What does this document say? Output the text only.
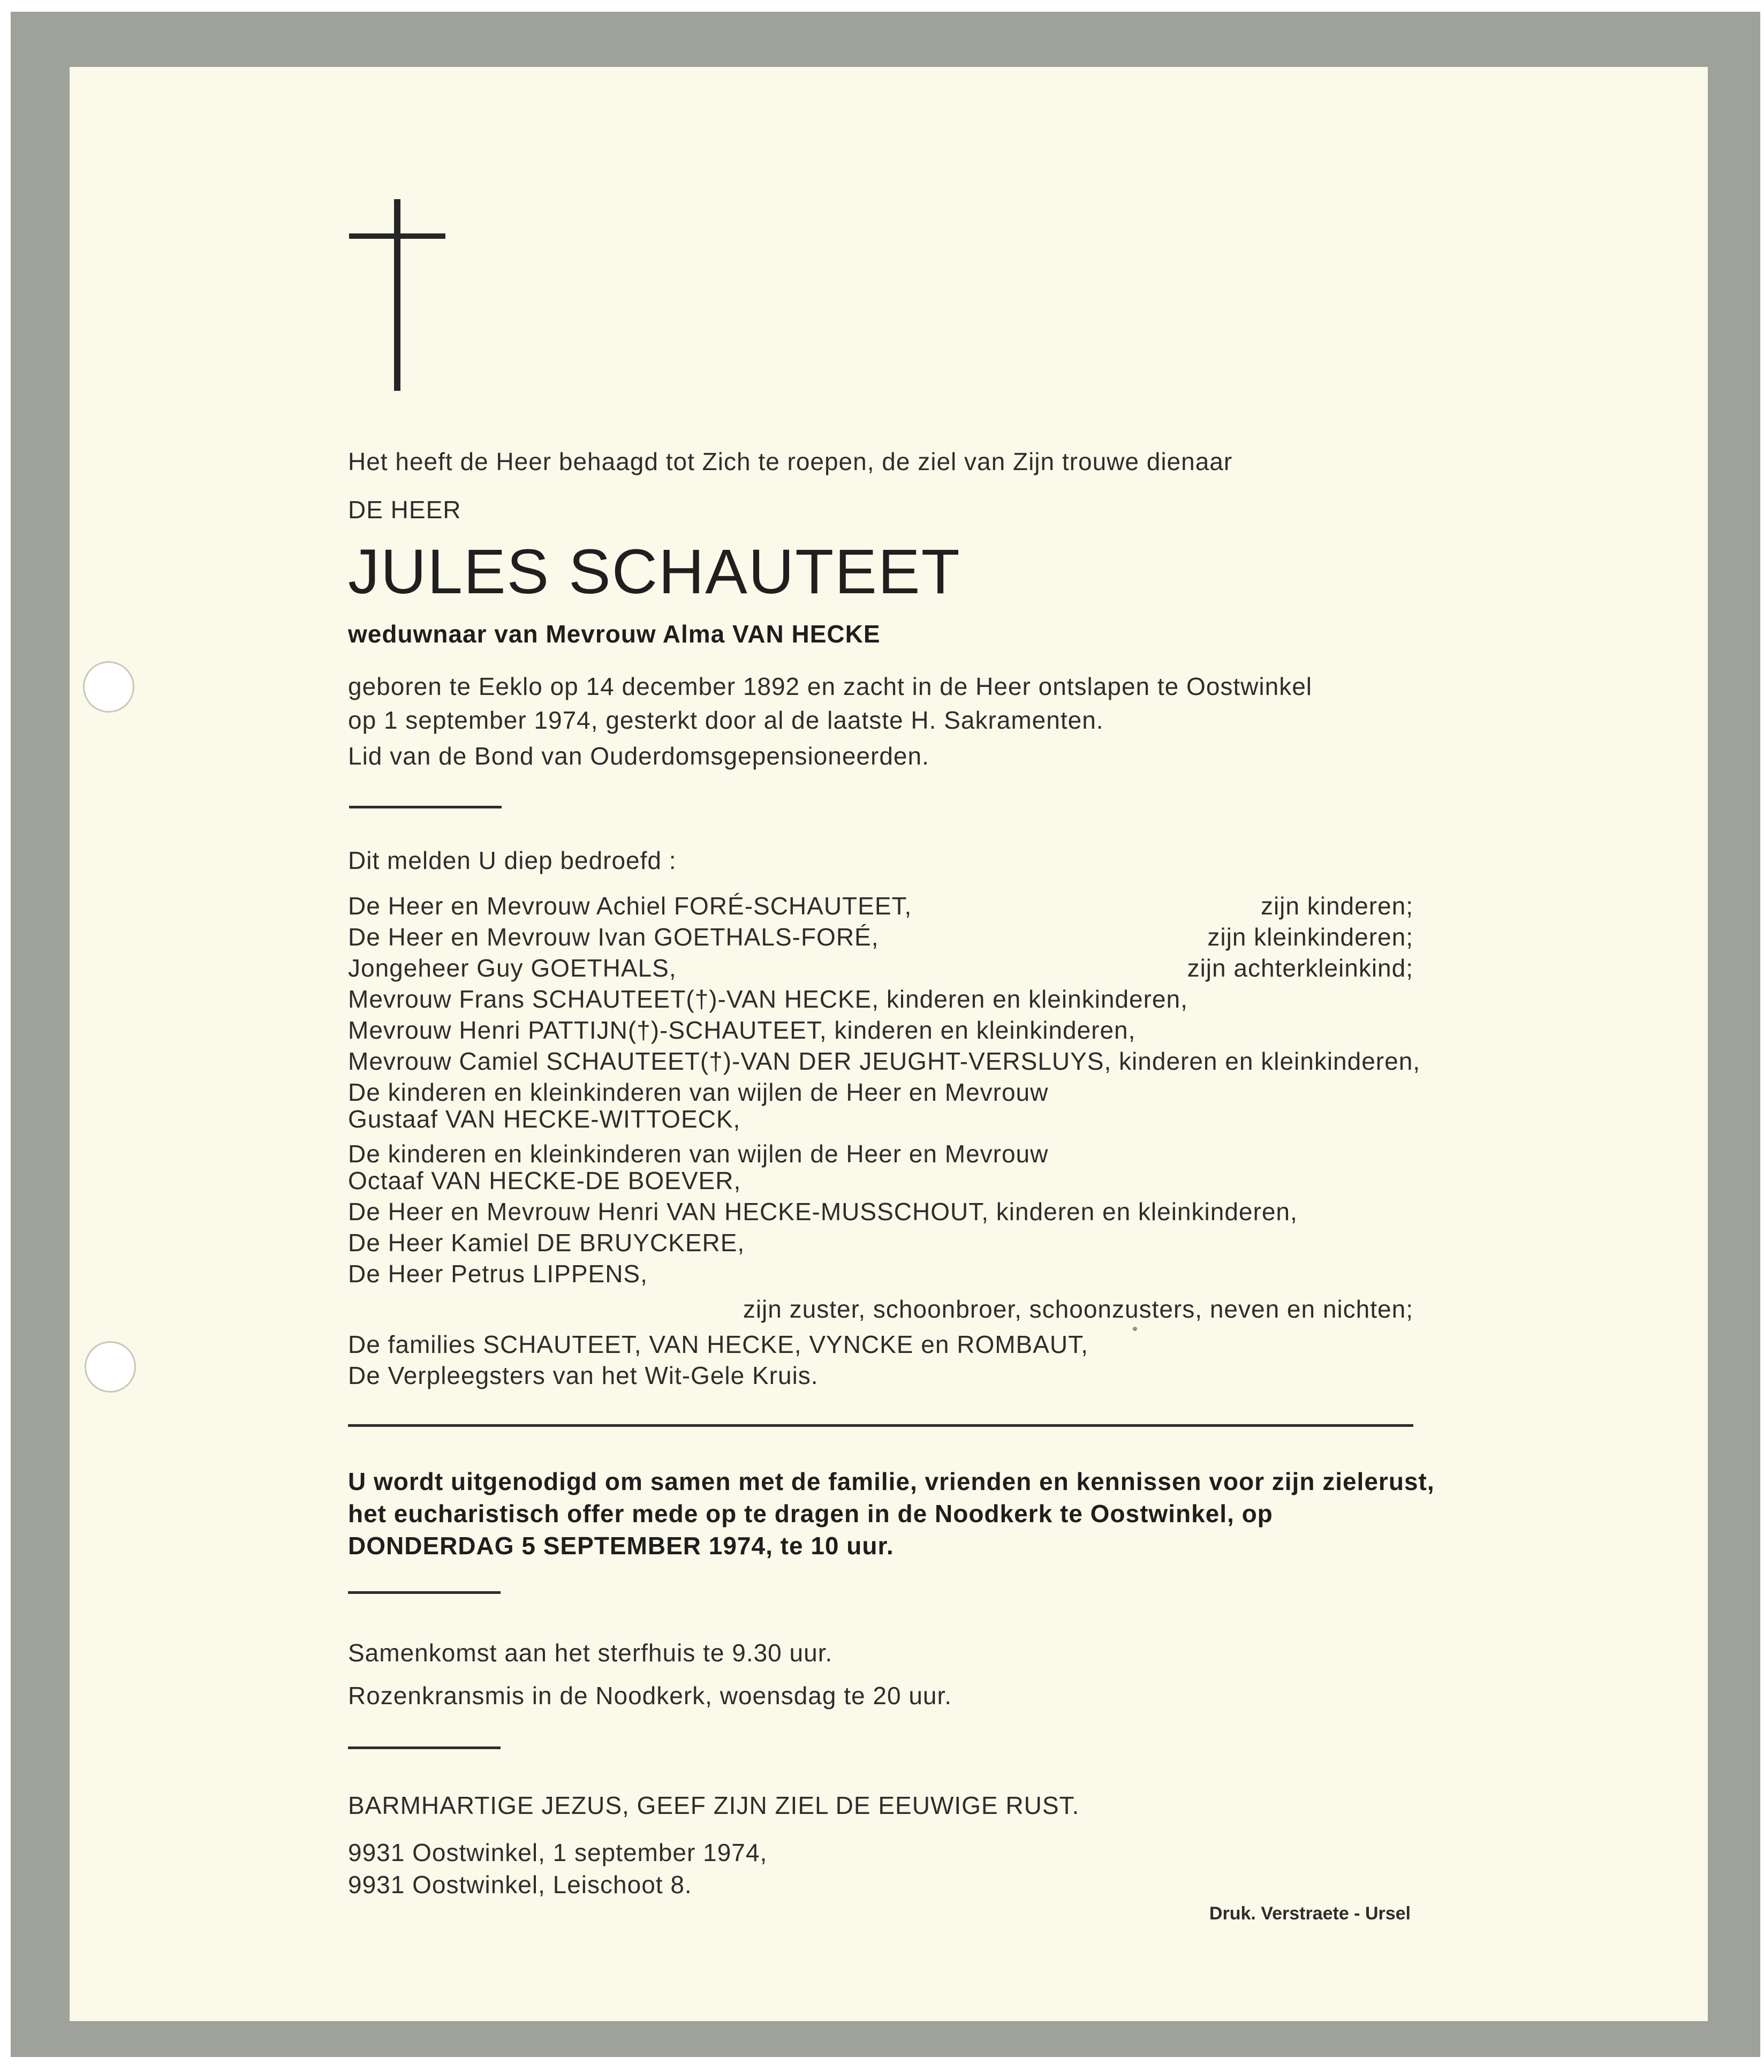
Het heeft de Heer behaagd tot Zich te roepen, de ziel van Zijn trouwe dienaar

DE HEER

JULES SCHAUTEET

weduwnaar van Mevrouw Alma VAN HECKE

geboren te Eeklo op 14 december 1892 en zacht in de Heer ontslapen te Oostwinkel

op 1 september 1974, gesterkt door al de laatste H. Sakramenten.

Lid van de Bond van Ouderdomsgepensioneerden.

Dit melden U diep bedroefd :

De Heer en Mevrouw Achiel FORÉ-SCHAUTEET,	zijn kinderen;

De Heer en Mevrouw Ivan GOETHALS-FORÉ,	zijn kleinkinderen;

Jongeheer Guy GOETHALS,	zijn achterkleinkind;

Mevrouw Frans SCHAUTEET(†)-VAN HECKE, kinderen en kleinkinderen,

Mevrouw Henri PATTIJN(†)-SCHAUTEET, kinderen en kleinkinderen,

Mevrouw Camiel SCHAUTEET(†)-VAN DER JEUGHT-VERSLUYS, kinderen en kleinkinderen,

De kinderen en kleinkinderen van wijlen de Heer en Mevrouw

Gustaaf VAN HECKE-WITTOECK,

De kinderen en kleinkinderen van wijlen de Heer en Mevrouw

Octaaf VAN HECKE-DE BOEVER,

De Heer en Mevrouw Henri VAN HECKE-MUSSCHOUT, kinderen en kleinkinderen,

De Heer Kamiel DE BRUYCKERE,

De Heer Petrus LIPPENS,

zijn zuster, schoonbroer, schoonzusters, neven en nichten;

De families SCHAUTEET, VAN HECKE, VYNCKE en ROMBAUT,

De Verpleegsters van het Wit-Gele Kruis.

U wordt uitgenodigd om samen met de familie, vrienden en kennissen voor zijn zielerust,

het eucharistisch offer mede op te dragen in de Noodkerk te Oostwinkel, op

DONDERDAG 5 SEPTEMBER 1974, te 10 uur.

Samenkomst aan het sterfhuis te 9.30 uur.

Rozenkransmis in de Noodkerk, woensdag te 20 uur.

BARMHARTIGE JEZUS, GEEF ZIJN ZIEL DE EEUWIGE RUST.

9931 Oostwinkel, 1 september 1974,

9931 Oostwinkel, Leischoot 8.

Druk. Verstraete - Ursel
